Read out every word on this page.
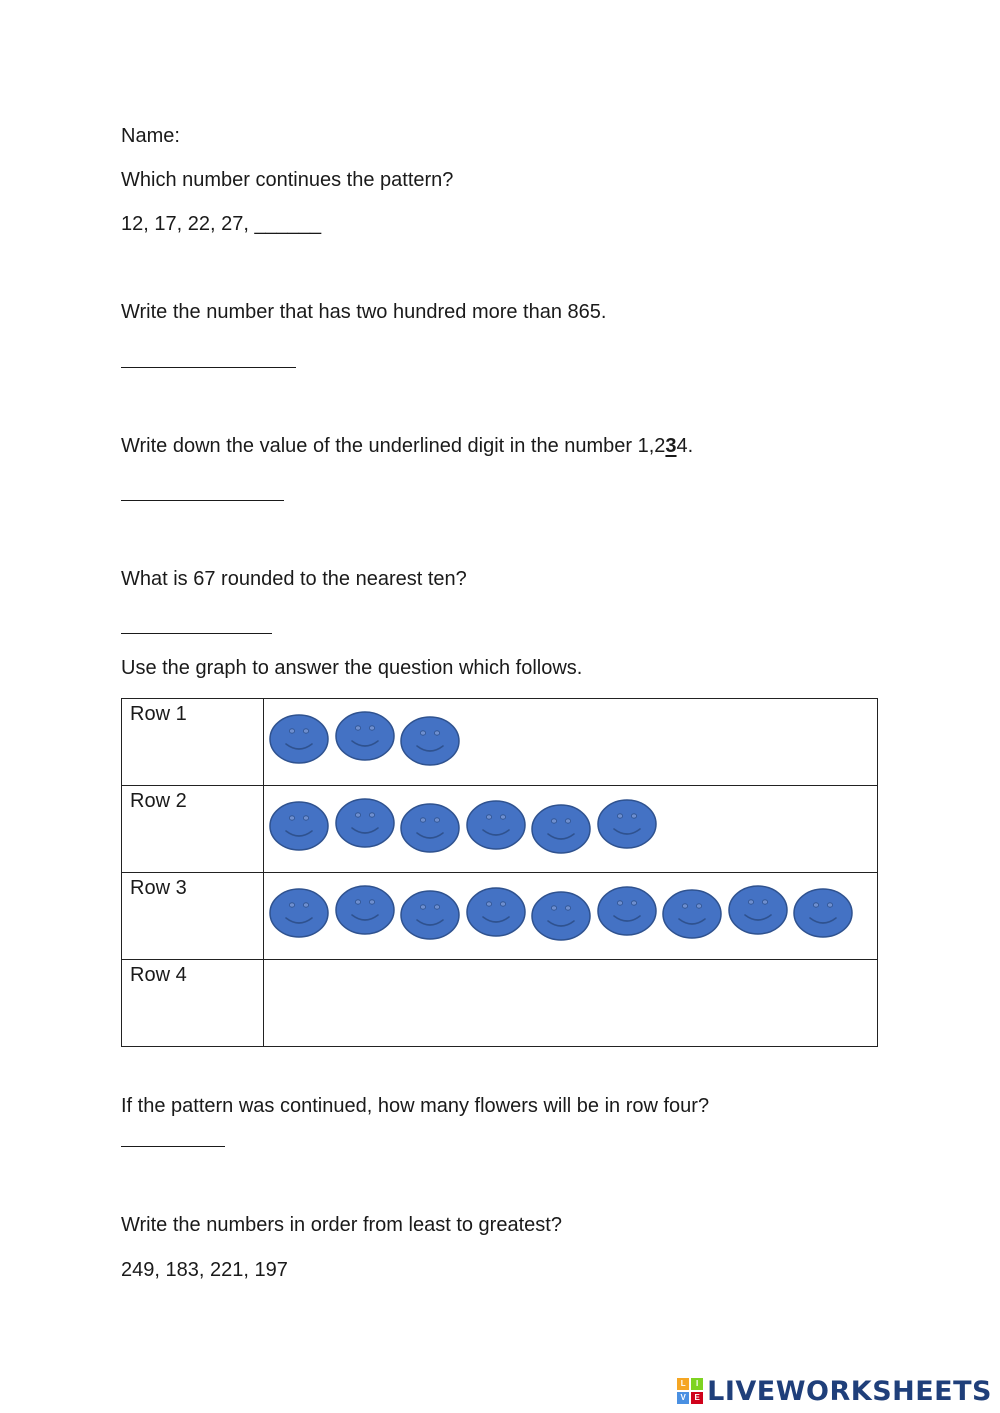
Name:
Which number continues the pattern?
12, 17, 22, 27, ______
Write the number that has two hundred more than 865.
Write down the value of the underlined digit in the number 1,234.
What is 67 rounded to the nearest ten?
Use the graph to answer the question which follows.
Row 1	

Row 2	

Row 3	

Row 4	
If the pattern was continued, how many flowers will be in row four?
Write the numbers in order from least to greatest?
249, 183, 221, 197
L	I
V	E LIVEWORKSHEETS
